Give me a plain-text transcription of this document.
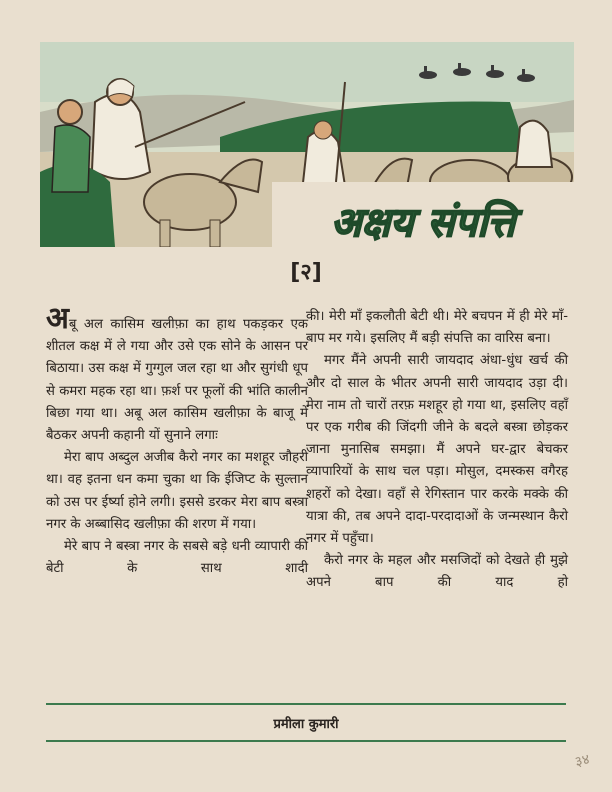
अक्षय संपत्ति
[२]

अबू अल कासिम खलीफ़ा का हाथ पकड़कर एक शीतल कक्ष में ले गया और उसे एक सोने के आसन पर बिठाया। उस कक्ष में गुग्गुल जल रहा था और सुगंधी धूप से कमरा महक रहा था। फ़र्श पर फूलों की भांति कालीन बिछा गया था। अबू अल कासिम खलीफ़ा के बाजू में बैठकर अपनी कहानी यों सुनाने लगाः

मेरा बाप अब्दुल अजीब कैरो नगर का मशहूर जौहरी था। वह इतना धन कमा चुका था कि ईजिप्ट के सुल्तान को उस पर ईर्ष्या होने लगी। इससे डरकर मेरा बाप बस्त्रा नगर के अब्बासिद खलीफ़ा की शरण में गया।

मेरे बाप ने बस्त्रा नगर के सबसे बड़े धनी व्यापारी की बेटी के साथ शादी

की। मेरी माँ इकलौती बेटी थी। मेरे बचपन में ही मेरे माँ-बाप मर गये। इसलिए मैं बड़ी संपत्ति का वारिस बना।

मगर मैंने अपनी सारी जायदाद अंधा-धुंध खर्च की और दो साल के भीतर अपनी सारी जायदाद उड़ा दी। मेरा नाम तो चारों तरफ़ मशहूर हो गया था, इसलिए वहाँ पर एक गरीब की जिंदगी जीने के बदले बस्त्रा छोड़कर जाना मुनासिब समझा। मैं अपने घर-द्वार बेचकर व्यापारियों के साथ चल पड़ा। मोसुल, दमस्कस वगैरह शहरों को देखा। वहाँ से रेगिस्तान पार करके मक्के की यात्रा की, तब अपने दादा-परदादाओं के जन्मस्थान कैरो नगर में पहुँचा।

कैरो नगर के महल और मसजिदों को देखते ही मुझे अपने बाप की याद हो

प्रमीला कुमारी
३४
